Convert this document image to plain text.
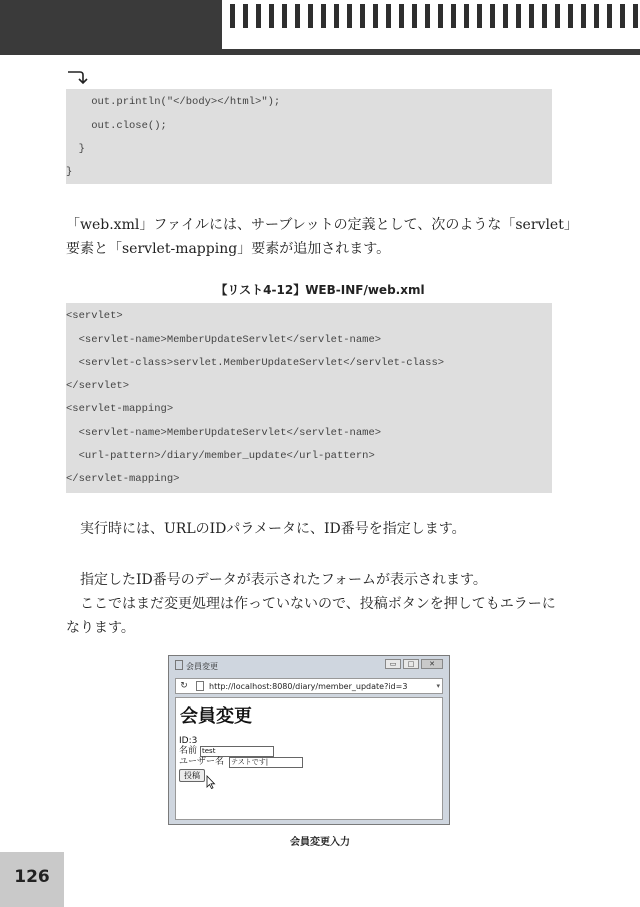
out.println("</body></html>");
out.close();
}
}

「web.xml」ファイルには、サーブレットの定義として、次のような「servlet」
要素と「servlet-mapping」要素が追加されます。

【リスト4-12】WEB-INF/web.xml
<servlet>
<servlet-name>MemberUpdateServlet</servlet-name>
<servlet-class>servlet.MemberUpdateServlet</servlet-class>
</servlet>
<servlet-mapping>
<servlet-name>MemberUpdateServlet</servlet-name>
<url-pattern>/diary/member_update</url-pattern>
</servlet-mapping>

実行時には、URLのIDパラメータに、ID番号を指定します。

指定したID番号のデータが表示されたフォームが表示されます。
ここではまだ変更処理は作っていないので、投稿ボタンを押してもエラーに
なります。

会員変更	▭	□	✕
↻	http://localhost:8080/diary/member_update?id=3	▾
会員変更
ID:3
名前 test
ユーザー名 テストです|
投稿
会員変更入力
126
